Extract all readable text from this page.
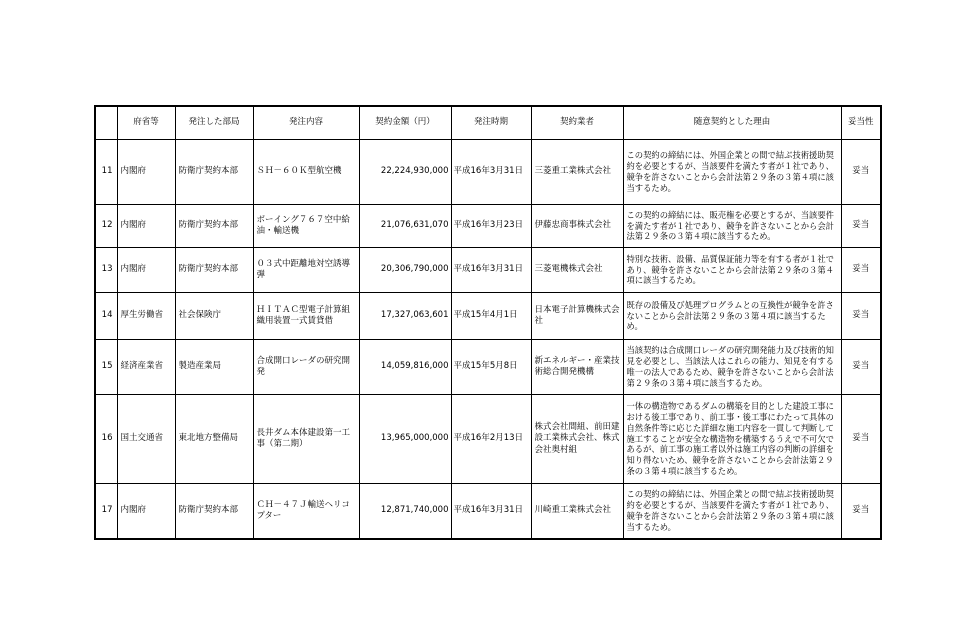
	府省等	発注した部局	発注内容	契約金額（円）	発注時期	契約業者	随意契約とした理由	妥当性
11	内閣府	防衛庁契約本部	ＳＨ－６０Ｋ型航空機	22,224,930,000	平成16年3月31日	三菱重工業株式会社	この契約の締結には、外国企業との間で結ぶ技術援助契約を必要とするが、当該要件を満たす者が１社であり、競争を許さないことから会計法第２９条の３第４項に該当するため。	妥当
12	内閣府	防衛庁契約本部	ボーイング７６７空中給油・輸送機	21,076,631,070	平成16年3月23日	伊藤忠商事株式会社	この契約の締結には、販売権を必要とするが、当該要件を満たす者が１社であり、競争を許さないことから会計法第２９条の３第４項に該当するため。	妥当
13	内閣府	防衛庁契約本部	０３式中距離地対空誘導弾	20,306,790,000	平成16年3月31日	三菱電機株式会社	特別な技術、設備、品質保証能力等を有する者が１社であり、競争を許さないことから会計法第２９条の３第４項に該当するため。	妥当
14	厚生労働省	社会保険庁	ＨＩＴＡＣ型電子計算組織用装置一式賃貸借	17,327,063,601	平成15年4月1日	日本電子計算機株式会社	既存の設備及び処理プログラムとの互換性が競争を許さないことから会計法第２９条の３第４項に該当するため。	妥当
15	経済産業省	製造産業局	合成開口レーダの研究開発	14,059,816,000	平成15年5月8日	新エネルギー・産業技術総合開発機構	当該契約は合成開口レーダの研究開発能力及び技術的知見を必要とし、当該法人はこれらの能力、知見を有する唯一の法人であるため、競争を許さないことから会計法第２９条の３第４項に該当するため。	妥当
16	国土交通省	東北地方整備局	長井ダム本体建設第一工事（第二期）	13,965,000,000	平成16年2月13日	株式会社間組、前田建設工業株式会社、株式会社奥村組	一体の構造物であるダムの構築を目的とした建設工事における後工事であり、前工事・後工事にわたって具体の自然条件等に応じた詳細な施工内容を一貫して判断して施工することが安全な構造物を構築するうえで不可欠であるが、前工事の施工者以外は施工内容の判断の詳細を知り得ないため、競争を許さないことから会計法第２９条の３第４項に該当するため。	妥当
17	内閣府	防衛庁契約本部	ＣＨ－４７Ｊ輸送ヘリコプター	12,871,740,000	平成16年3月31日	川崎重工業株式会社	この契約の締結には、外国企業との間で結ぶ技術援助契約を必要とするが、当該要件を満たす者が１社であり、競争を許さないことから会計法第２９条の３第４項に該当するため。	妥当
